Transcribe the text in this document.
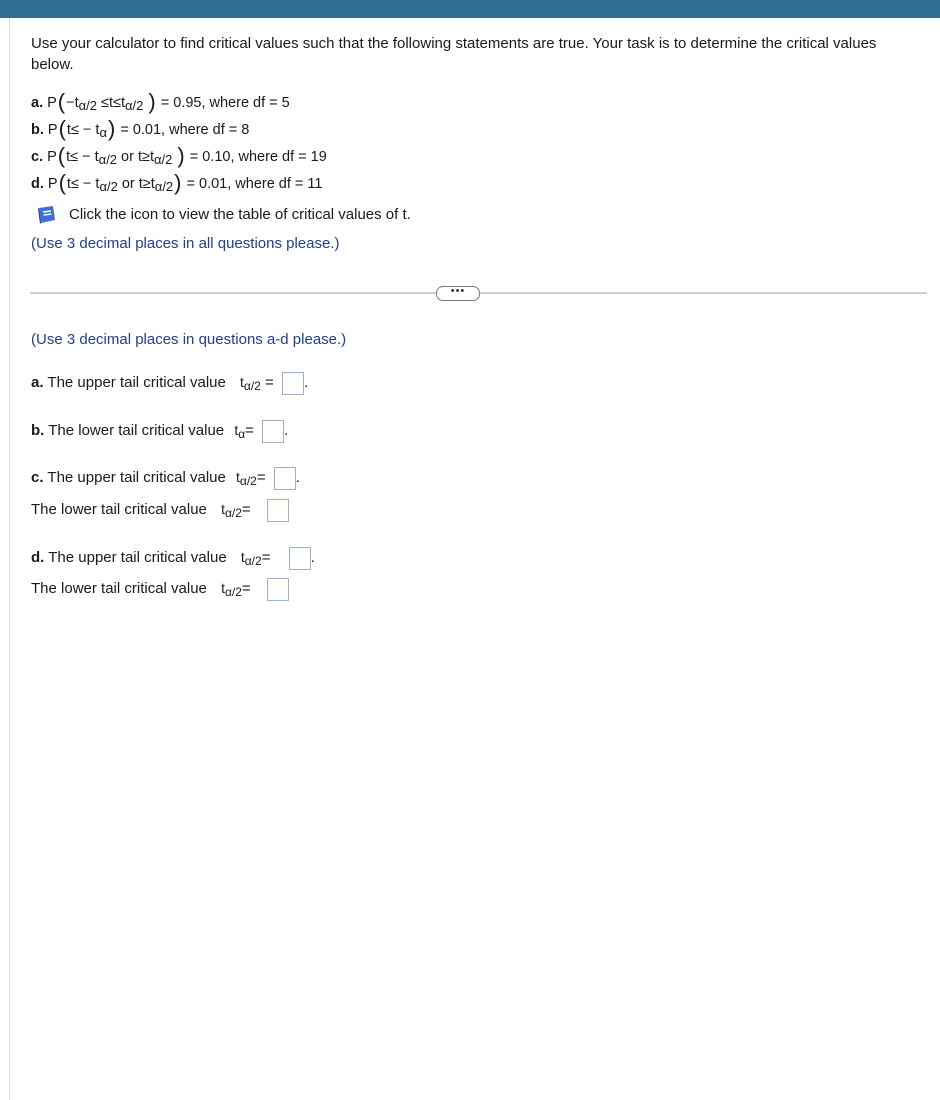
Use your calculator to find critical values such that the following statements are true. Your task is to determine the critical values below.
a. P(−tα/2 ≤t≤tα/2 ) = 0.95, where df = 5
b. P(t≤ − tα) = 0.01, where df = 8
c. P(t≤ − tα/2 or t≥tα/2 ) = 0.10, where df = 19
d. P(t≤ − tα/2 or t≥tα/2) = 0.01, where df = 11
Click the icon to view the table of critical values of t.
(Use 3 decimal places in all questions please.)
•••
(Use 3 decimal places in questions a-d please.)
a. The upper tail critical value tα/2 = .
b. The lower tail critical value tα= .
c. The upper tail critical value tα/2= .
The lower tail critical value tα/2=
d. The upper tail critical value tα/2=	.
The lower tail critical value tα/2=
